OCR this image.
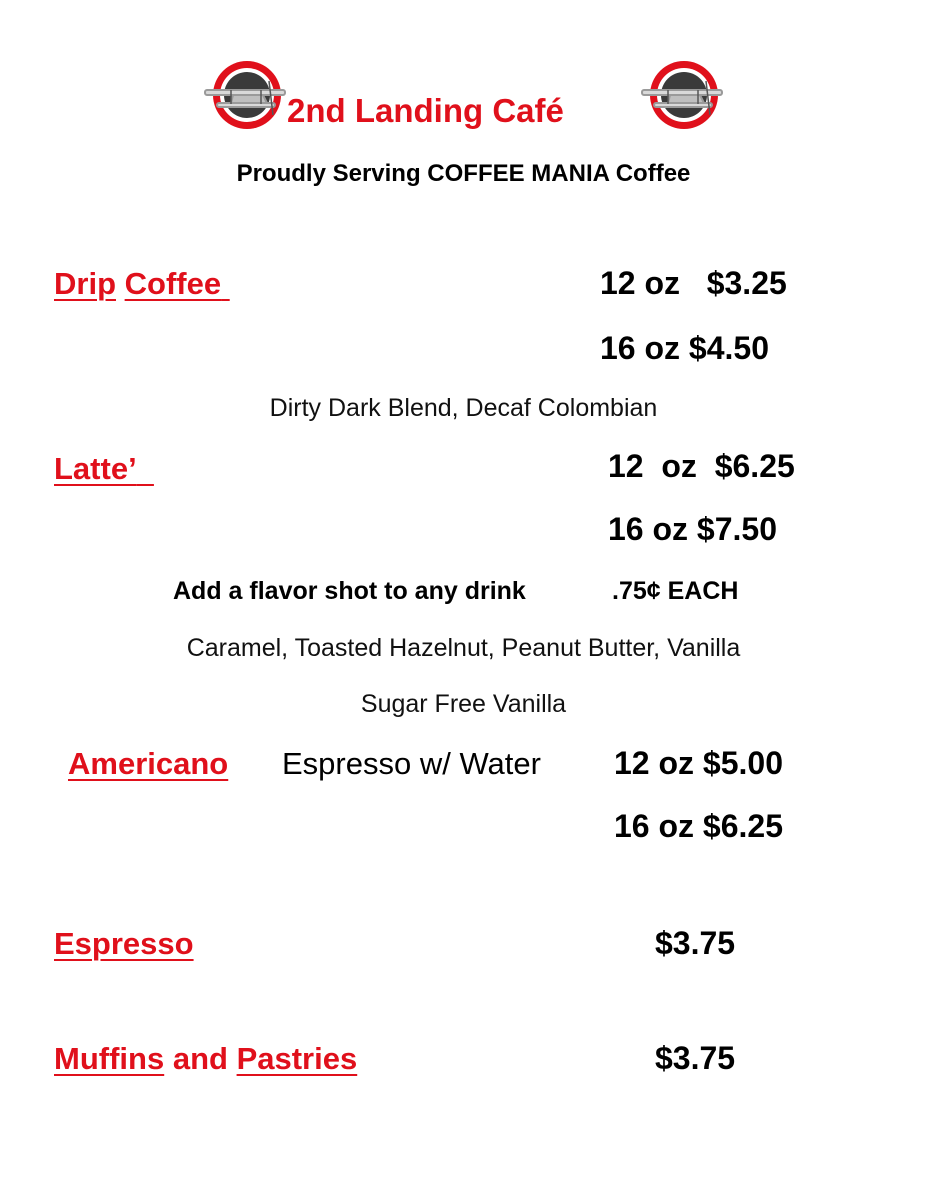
2nd Landing Café
Proudly Serving COFFEE MANIA Coffee
Drip Coffee	12 oz   $3.25
16 oz $4.50
Dirty Dark Blend, Decaf Colombian
Latte’	12  oz  $6.25
16 oz $7.50
Add a flavor shot to any drink	.75¢ EACH
Caramel, Toasted Hazelnut, Peanut Butter, Vanilla
Sugar Free Vanilla
Americano Espresso w/ Water 12 oz $5.00
16 oz $6.25
Espresso	$3.75
Muffins and Pastries	$3.75
